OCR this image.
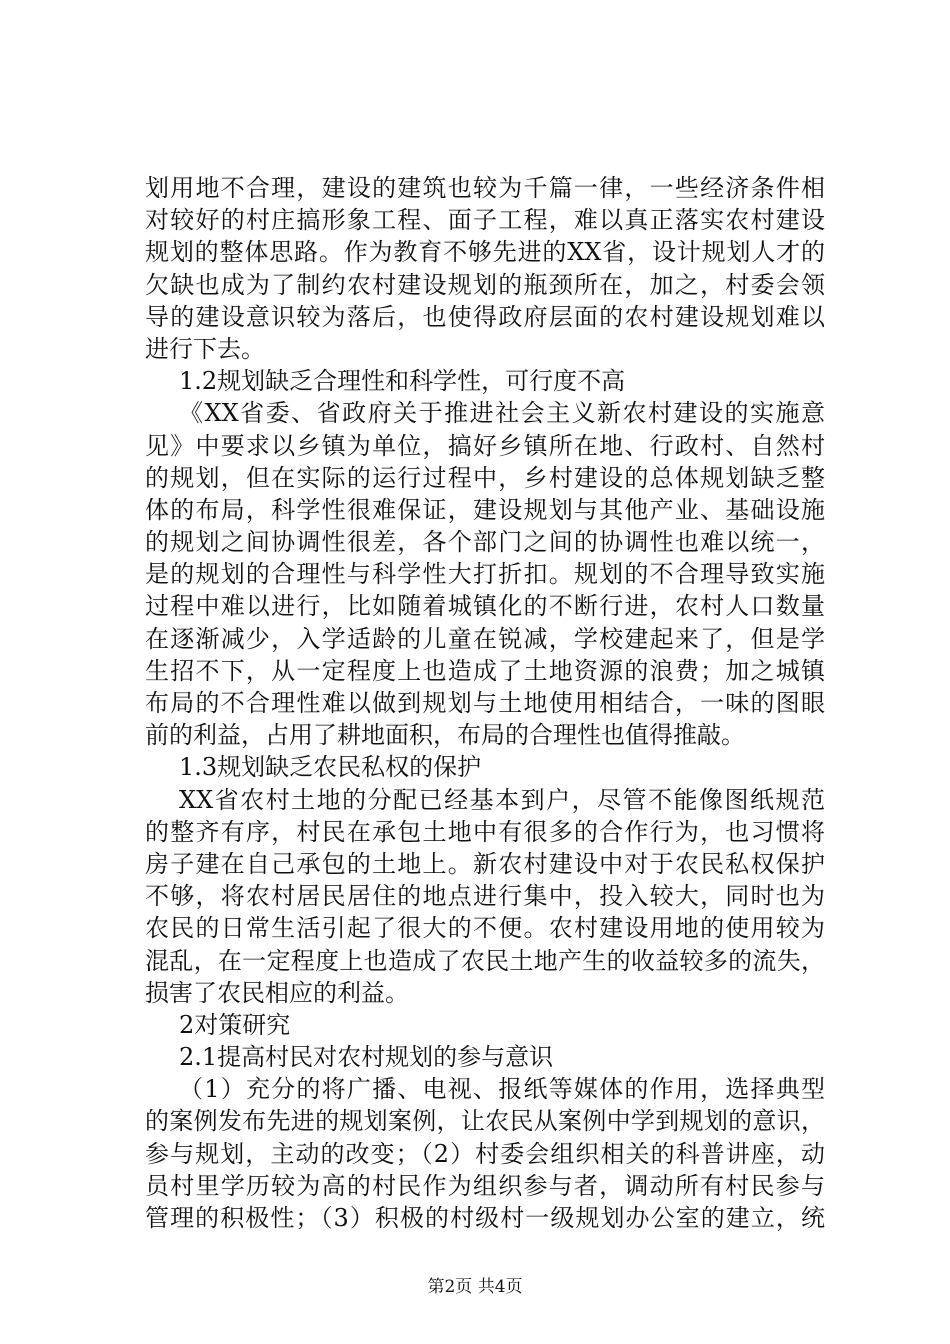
划用地不合理，建设的建筑也较为千篇一律，一些经济条件相
对较好的村庄搞形象工程、面子工程，难以真正落实农村建设
规划的整体思路。作为教育不够先进的XX省，设计规划人才的
欠缺也成为了制约农村建设规划的瓶颈所在，加之，村委会领
导的建设意识较为落后，也使得政府层面的农村建设规划难以
进行下去。
1.2规划缺乏合理性和科学性，可行度不高
《XX省委、省政府关于推进社会主义新农村建设的实施意
见》中要求以乡镇为单位，搞好乡镇所在地、行政村、自然村
的规划，但在实际的运行过程中，乡村建设的总体规划缺乏整
体的布局，科学性很难保证，建设规划与其他产业、基础设施
的规划之间协调性很差，各个部门之间的协调性也难以统一，
是的规划的合理性与科学性大打折扣。规划的不合理导致实施
过程中难以进行，比如随着城镇化的不断行进，农村人口数量
在逐渐减少，入学适龄的儿童在锐减，学校建起来了，但是学
生招不下，从一定程度上也造成了土地资源的浪费；加之城镇
布局的不合理性难以做到规划与土地使用相结合，一味的图眼
前的利益，占用了耕地面积，布局的合理性也值得推敲。
1.3规划缺乏农民私权的保护
XX省农村土地的分配已经基本到户，尽管不能像图纸规范
的整齐有序，村民在承包土地中有很多的合作行为，也习惯将
房子建在自己承包的土地上。新农村建设中对于农民私权保护
不够，将农村居民居住的地点进行集中，投入较大，同时也为
农民的日常生活引起了很大的不便。农村建设用地的使用较为
混乱，在一定程度上也造成了农民土地产生的收益较多的流失，
损害了农民相应的利益。
2对策研究
2.1提高村民对农村规划的参与意识
（1）充分的将广播、电视、报纸等媒体的作用，选择典型
的案例发布先进的规划案例，让农民从案例中学到规划的意识，
参与规划，主动的改变；（2）村委会组织相关的科普讲座，动
员村里学历较为高的村民作为组织参与者，调动所有村民参与
管理的积极性；（3）积极的村级村一级规划办公室的建立，统
第2页 共4页
